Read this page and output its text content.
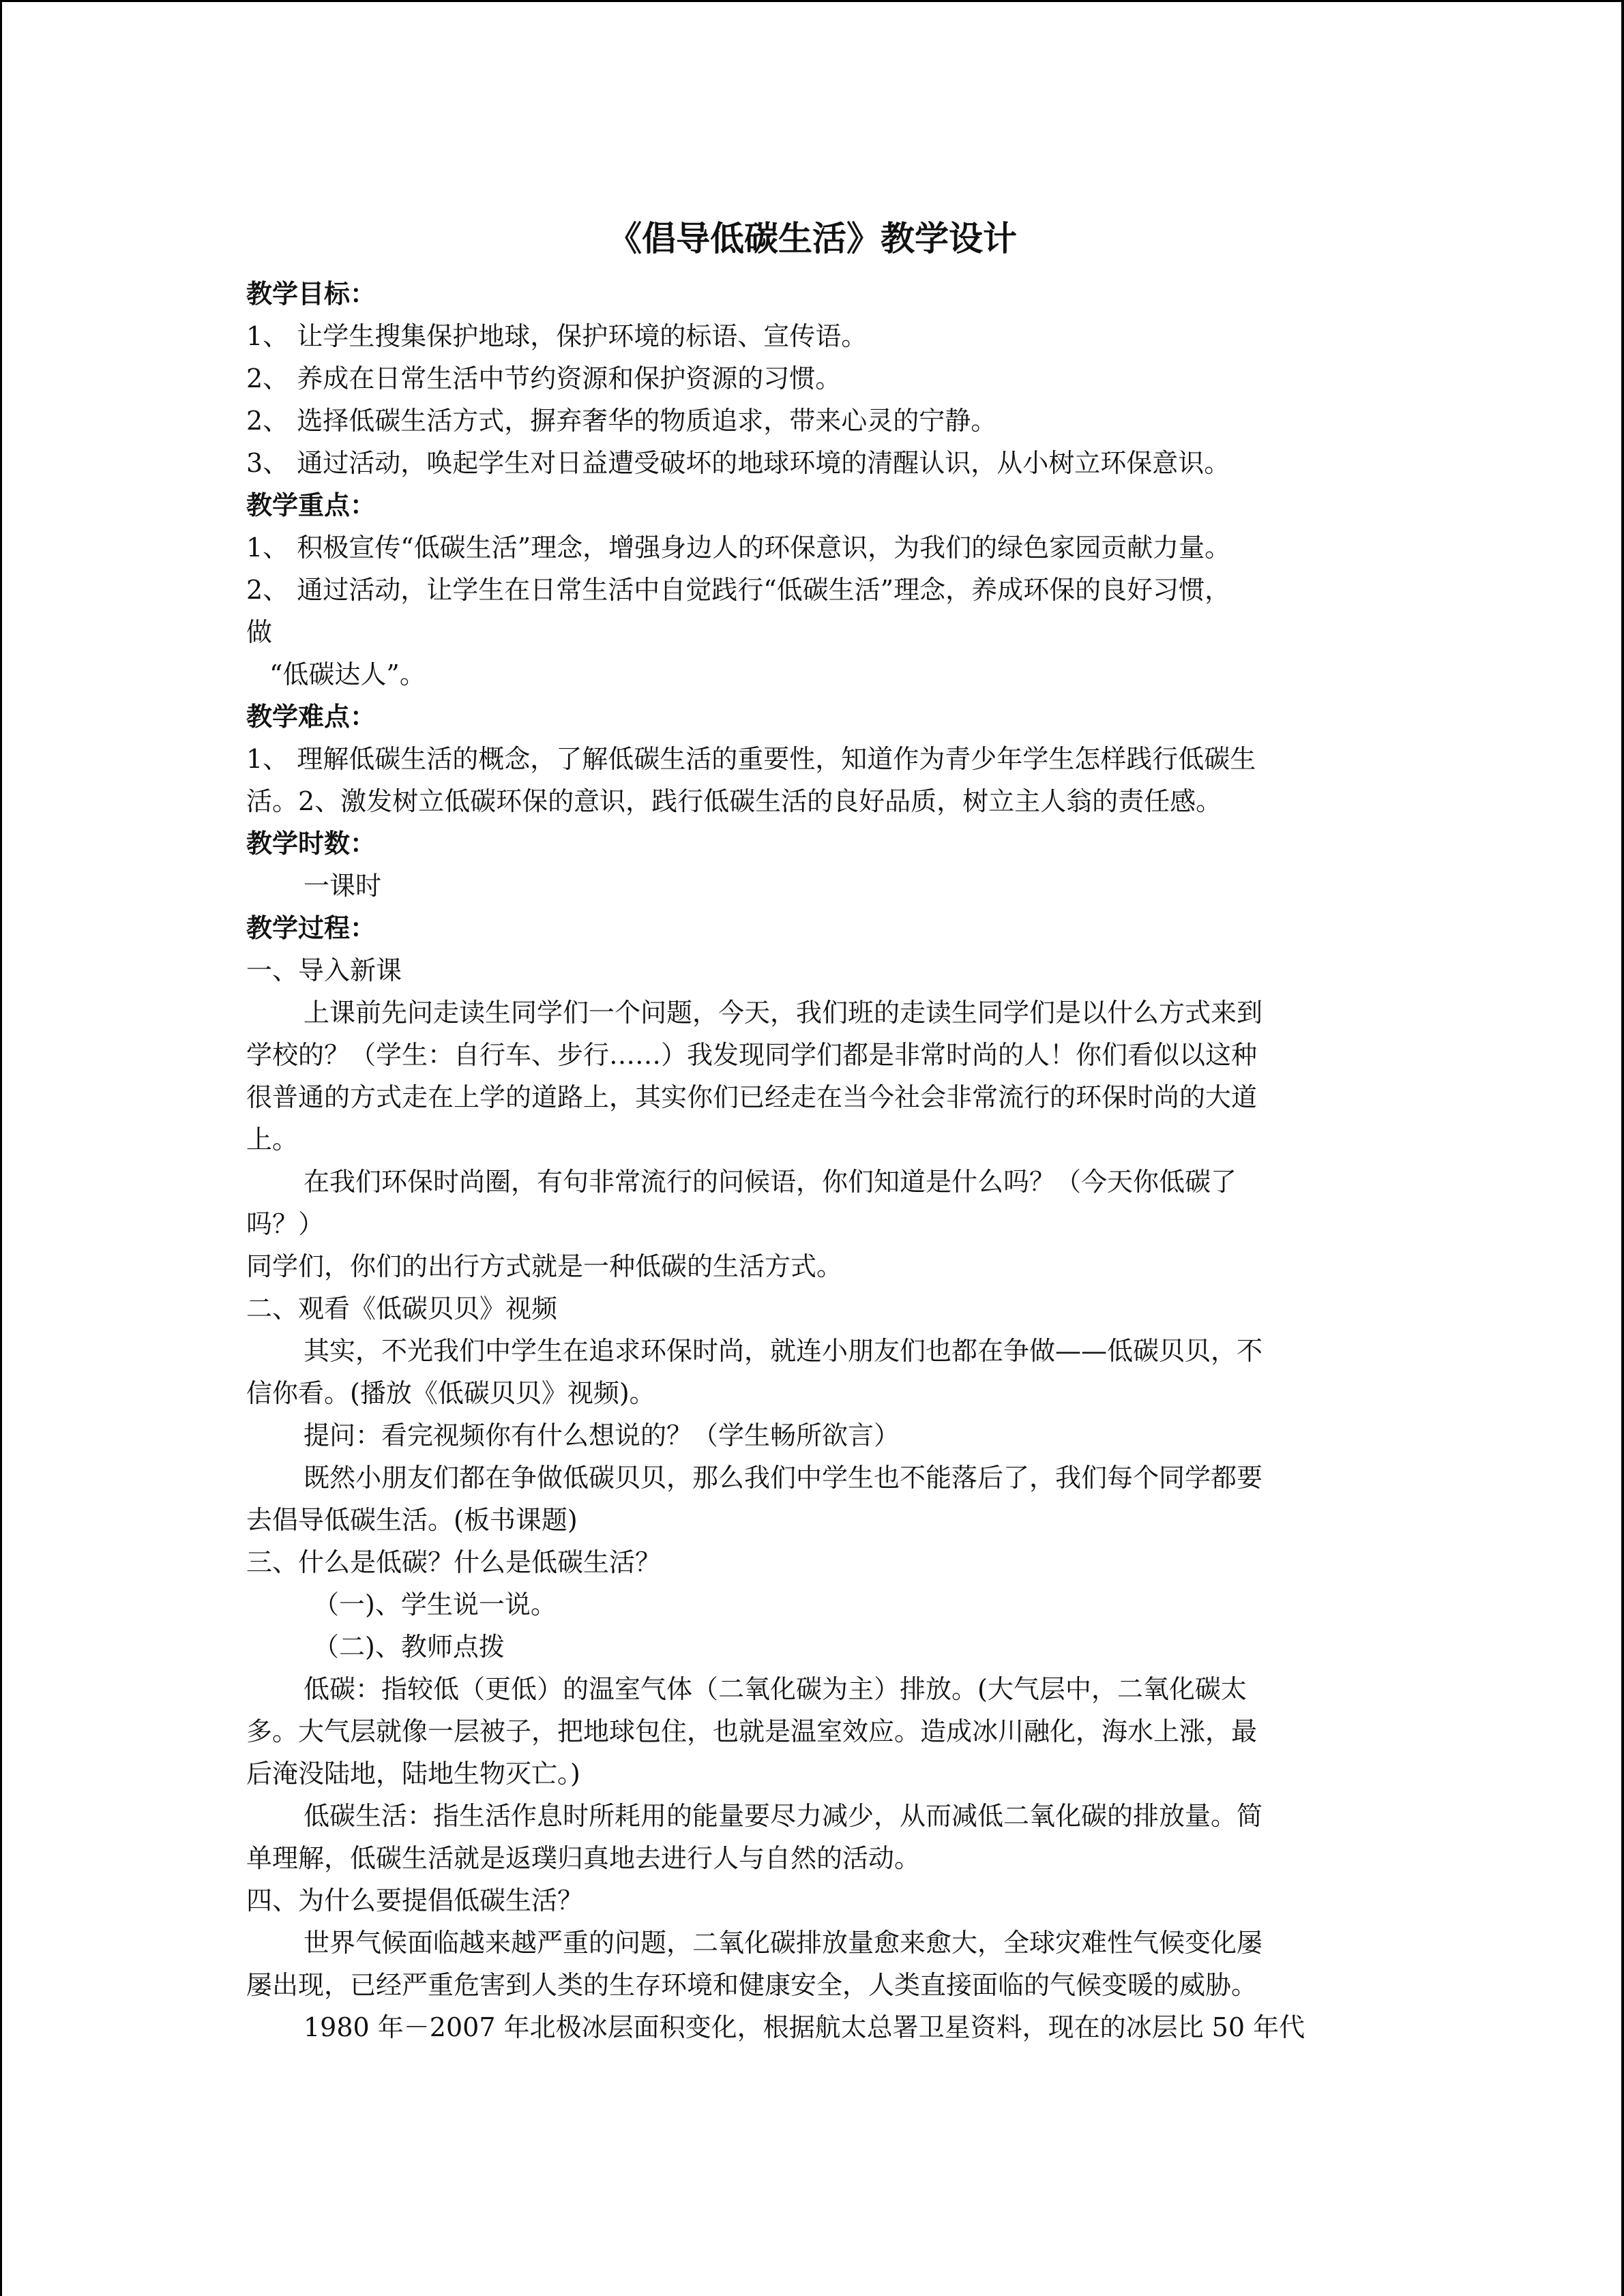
《倡导低碳生活》教学设计
教学目标：
1、 让学生搜集保护地球，保护环境的标语、宣传语。
2、 养成在日常生活中节约资源和保护资源的习惯。
2、 选择低碳生活方式，摒弃奢华的物质追求，带来心灵的宁静。
3、 通过活动，唤起学生对日益遭受破坏的地球环境的清醒认识，从小树立环保意识。
教学重点：
1、 积极宣传“低碳生活”理念，增强身边人的环保意识，为我们的绿色家园贡献力量。
2、 通过活动，让学生在日常生活中自觉践行“低碳生活”理念，养成环保的良好习惯，
做
“低碳达人”。
教学难点：
1、 理解低碳生活的概念，了解低碳生活的重要性，知道作为青少年学生怎样践行低碳生
活。2、激发树立低碳环保的意识，践行低碳生活的良好品质，树立主人翁的责任感。
教学时数：
一课时
教学过程：
一、导入新课
上课前先问走读生同学们一个问题，今天，我们班的走读生同学们是以什么方式来到
学校的？（学生：自行车、步行……）我发现同学们都是非常时尚的人！你们看似以这种
很普通的方式走在上学的道路上，其实你们已经走在当今社会非常流行的环保时尚的大道
上。
在我们环保时尚圈，有句非常流行的问候语，你们知道是什么吗？（今天你低碳了
吗？）
同学们，你们的出行方式就是一种低碳的生活方式。
二、观看《低碳贝贝》视频
其实，不光我们中学生在追求环保时尚，就连小朋友们也都在争做——低碳贝贝，不
信你看。(播放《低碳贝贝》视频)。
提问：看完视频你有什么想说的？（学生畅所欲言）
既然小朋友们都在争做低碳贝贝，那么我们中学生也不能落后了，我们每个同学都要
去倡导低碳生活。(板书课题)
三、什么是低碳？什么是低碳生活？
（一)、学生说一说。
（二)、教师点拨
低碳：指较低（更低）的温室气体（二氧化碳为主）排放。(大气层中，二氧化碳太
多。大气层就像一层被子，把地球包住，也就是温室效应。造成冰川融化，海水上涨，最
后淹没陆地，陆地生物灭亡。)
低碳生活：指生活作息时所耗用的能量要尽力减少，从而减低二氧化碳的排放量。简
单理解，低碳生活就是返璞归真地去进行人与自然的活动。
四、为什么要提倡低碳生活？
世界气候面临越来越严重的问题，二氧化碳排放量愈来愈大，全球灾难性气候变化屡
屡出现，已经严重危害到人类的生存环境和健康安全，人类直接面临的气候变暖的威胁。
1980 年－2007 年北极冰层面积变化，根据航太总署卫星资料，现在的冰层比 50 年代
